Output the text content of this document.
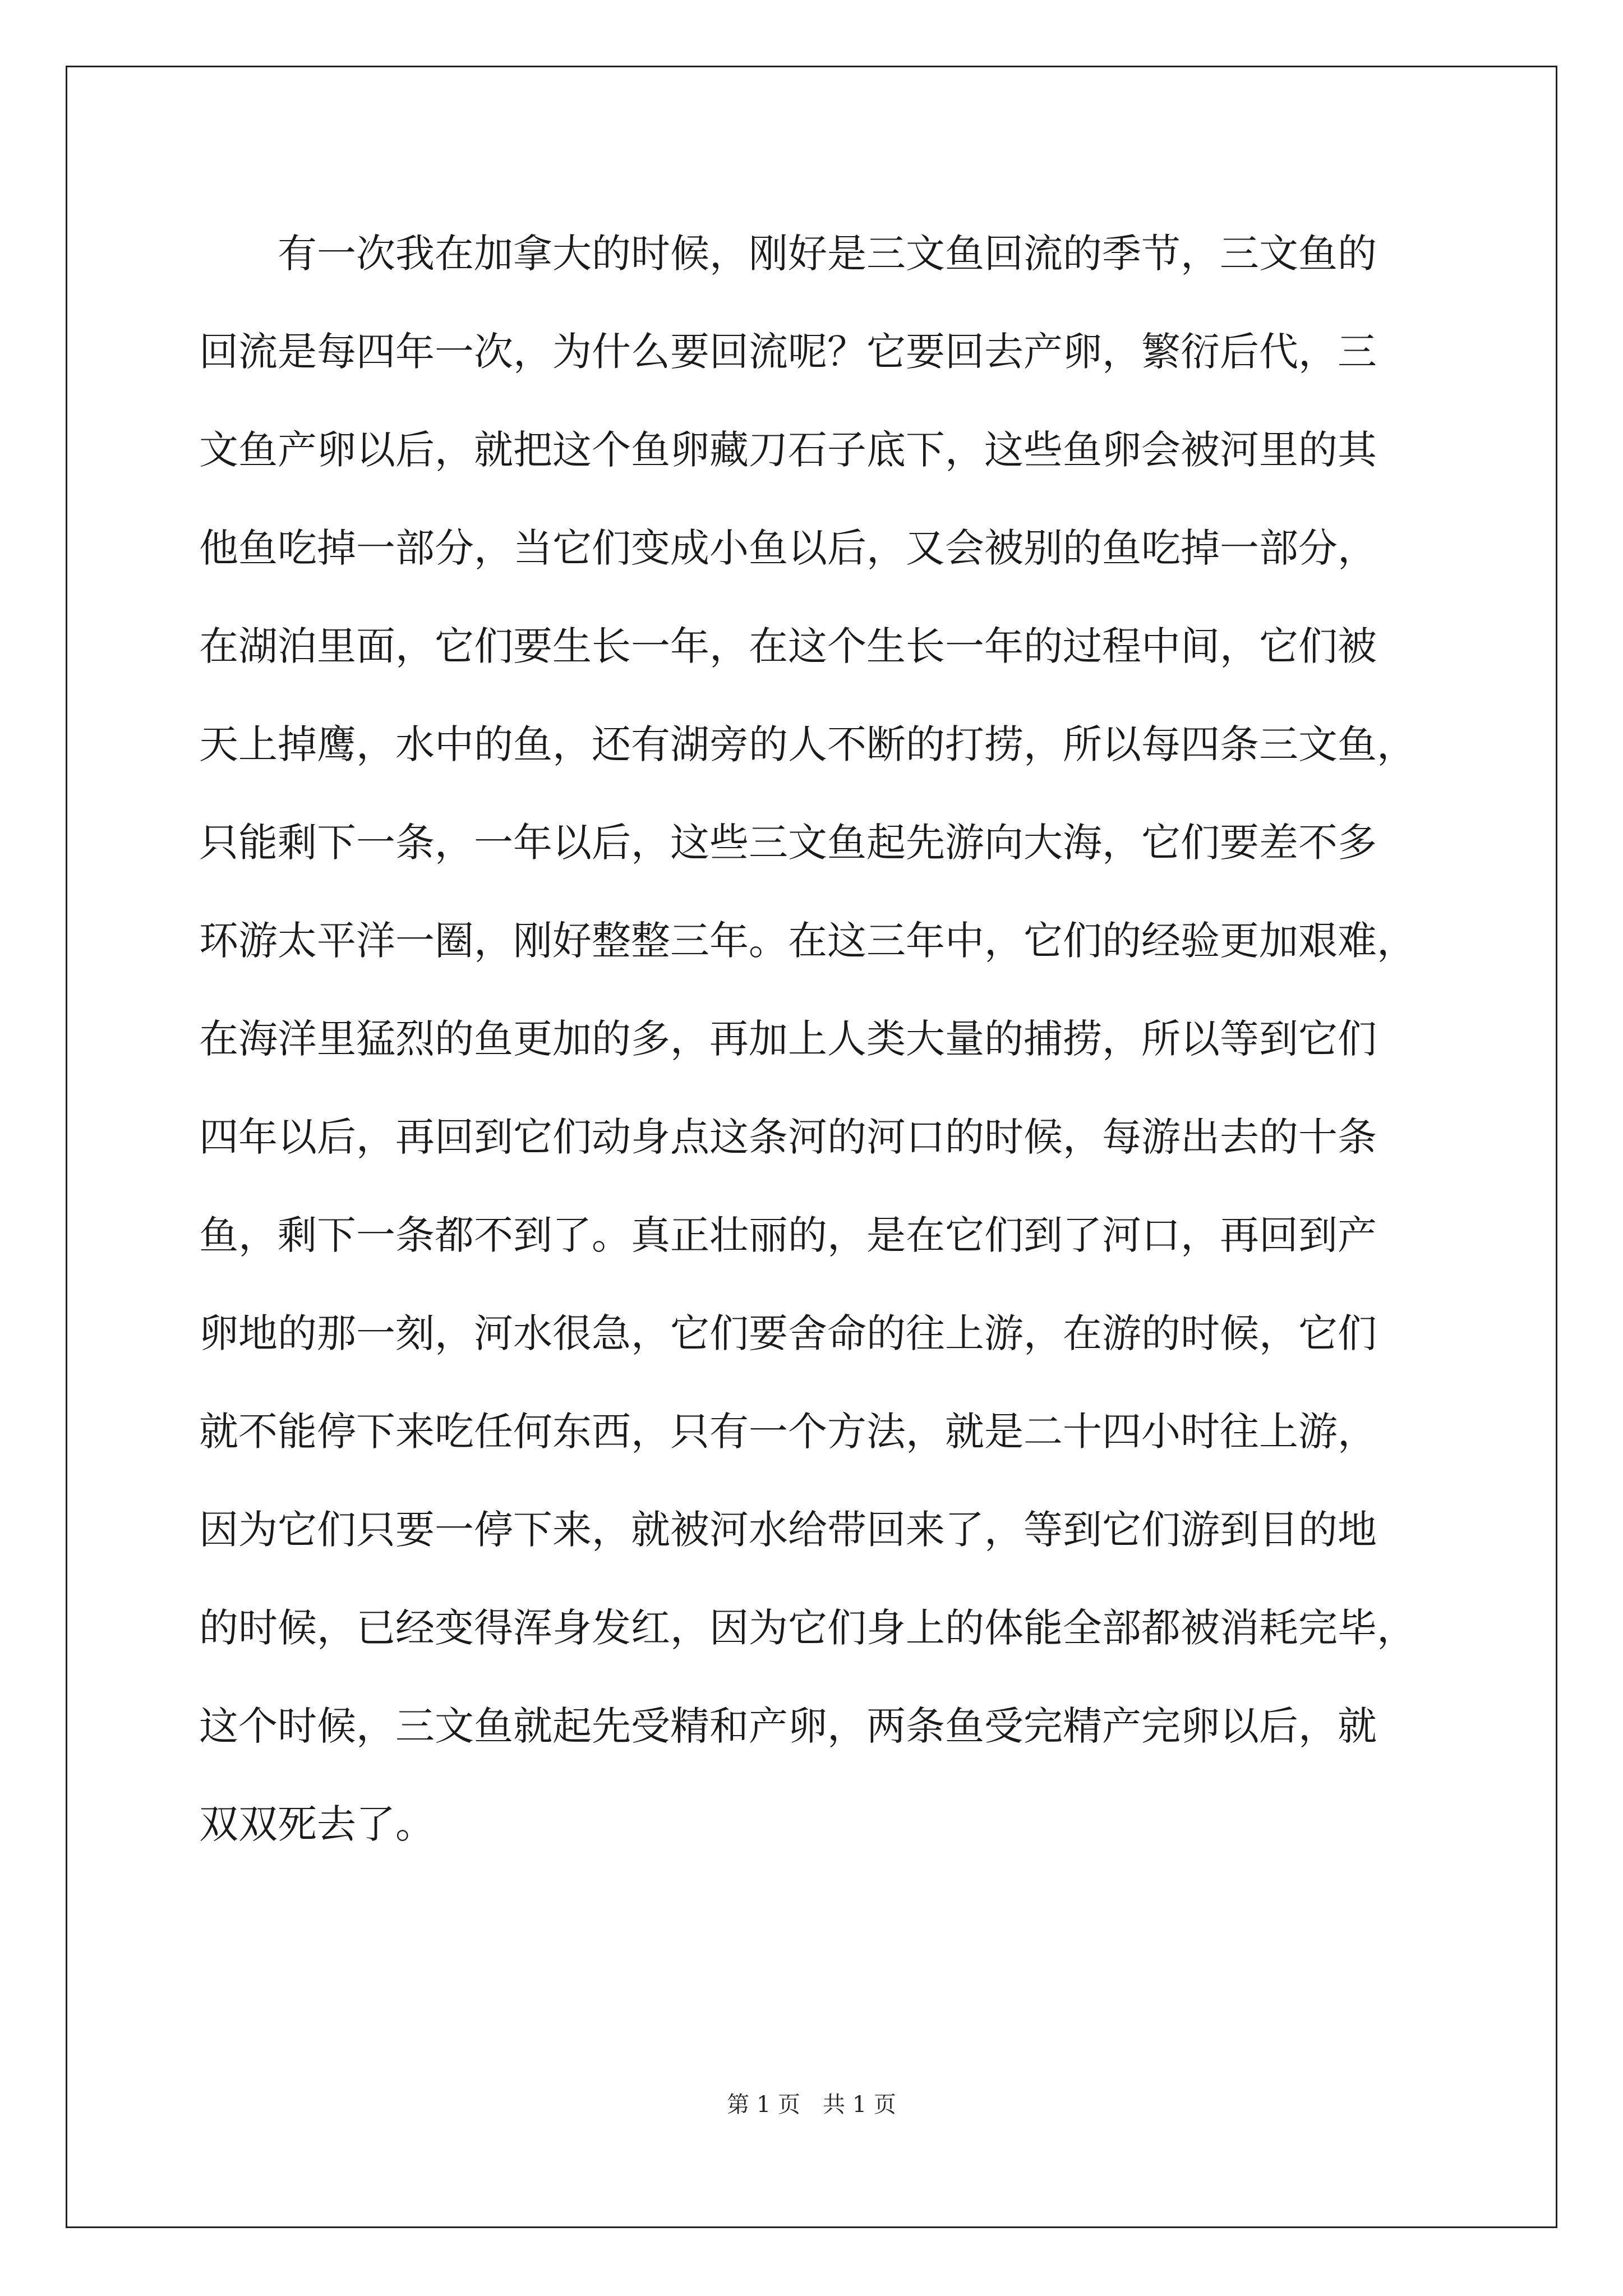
　　有一次我在加拿大的时候，刚好是三文鱼回流的季节，三文鱼的
回流是每四年一次，为什么要回流呢？它要回去产卵，繁衍后代，三
文鱼产卵以后，就把这个鱼卵藏刀石子底下，这些鱼卵会被河里的其
他鱼吃掉一部分，当它们变成小鱼以后，又会被别的鱼吃掉一部分，
在湖泊里面，它们要生长一年，在这个生长一年的过程中间，它们被
天上掉鹰，水中的鱼，还有湖旁的人不断的打捞，所以每四条三文鱼，
只能剩下一条，一年以后，这些三文鱼起先游向大海，它们要差不多
环游太平洋一圈，刚好整整三年。在这三年中，它们的经验更加艰难，
在海洋里猛烈的鱼更加的多，再加上人类大量的捕捞，所以等到它们
四年以后，再回到它们动身点这条河的河口的时候，每游出去的十条
鱼，剩下一条都不到了。真正壮丽的，是在它们到了河口，再回到产
卵地的那一刻，河水很急，它们要舍命的往上游，在游的时候，它们
就不能停下来吃任何东西，只有一个方法，就是二十四小时往上游，
因为它们只要一停下来，就被河水给带回来了，等到它们游到目的地
的时候，已经变得浑身发红，因为它们身上的体能全部都被消耗完毕，
这个时候，三文鱼就起先受精和产卵，两条鱼受完精产完卵以后，就
双双死去了。
第 1 页　共 1 页
